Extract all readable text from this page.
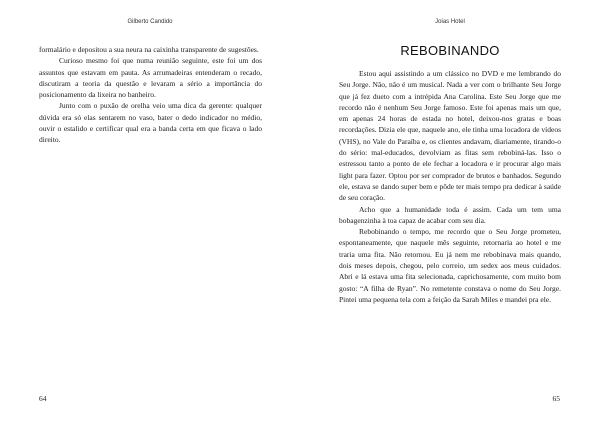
Gilberto Candido

formalário e depositou a sua neura na caixinha transparente de sugestões.

Curioso mesmo foi que numa reunião seguinte, este foi um dos assuntos que estavam em pauta. As arrumadeiras entenderam o recado, discutiram a teoria da questão e levaram a sério a importância do posicionamento da lixeira no banheiro.

Junto com o puxão de orelha veio uma dica da gerente: qualquer dúvida era só elas sentarem no vaso, bater o dedo indicador no médio, ouvir o estalido e certificar qual era a banda certa em que ficava o lado direito.

64
Joias Hotel
REBOBINANDO

Estou aqui assistindo a um clássico no DVD e me lembrando do Seu Jorge. Não, não é um musical. Nada a ver com o brilhante Seu Jorge que já fez dueto com a intrépida Ana Carolina. Este Seu Jorge que me recordo não é nenhum Seu Jorge famoso. Este foi apenas mais um que, em apenas 24 horas de estada no hotel, deixou-nos gratas e boas recordações. Dizia ele que, naquele ano, ele tinha uma locadora de vídeos (VHS), no Vale do Paraíba e, os clientes andavam, diariamente, tirando-o do sério: mal-educados, devolviam as fitas sem rebobiná-las. Isso o estressou tanto a ponto de ele fechar a locadora e ir procurar algo mais light para fazer. Optou por ser comprador de brutos e banhados. Segundo ele, estava se dando super bem e pôde ter mais tempo pra dedicar à saúde de seu coração.

Acho que a humanidade toda é assim. Cada um tem uma bobagenzinha à toa capaz de acabar com seu dia.

Rebobinando o tempo, me recordo que o Seu Jorge prometeu, espontaneamente, que naquele mês seguinte, retornaria ao hotel e me traria uma fita. Não retornou. Eu já nem me rebobinava mais quando, dois meses depois, chegou, pelo correio, um sedex aos meus cuidados. Abri e lá estava uma fita selecionada, caprichosamente, com muito bom gosto: “A filha de Ryan”. No remetente constava o nome do Seu Jorge. Pintei uma pequena tela com a feição da Sarah Miles e mandei pra ele.

65
